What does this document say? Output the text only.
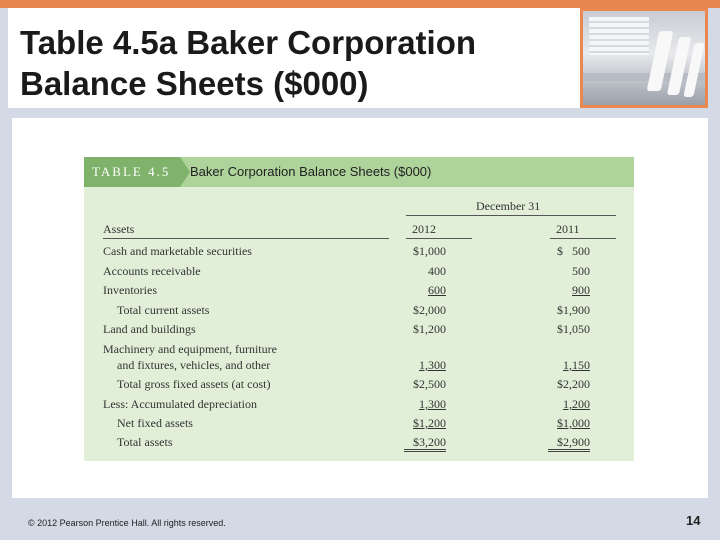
Table 4.5a Baker Corporation
Balance Sheets ($000)
TABLE 4.5	Baker Corporation Balance Sheets ($000)
December 31
Assets	2012	2011
Cash and marketable securities	$1,000	$   500
Accounts receivable	400	500
Inventories	600	900
Total current assets	$2,000	$1,900
Land and buildings	$1,200	$1,050
Machinery and equipment, furniture
and fixtures, vehicles, and other	1,300	1,150
Total gross fixed assets (at cost)	$2,500	$2,200
Less: Accumulated depreciation	1,300	1,200
Net fixed assets	$1,200	$1,000
Total assets	$3,200	$2,900
© 2012 Pearson Prentice Hall. All rights reserved.	14
